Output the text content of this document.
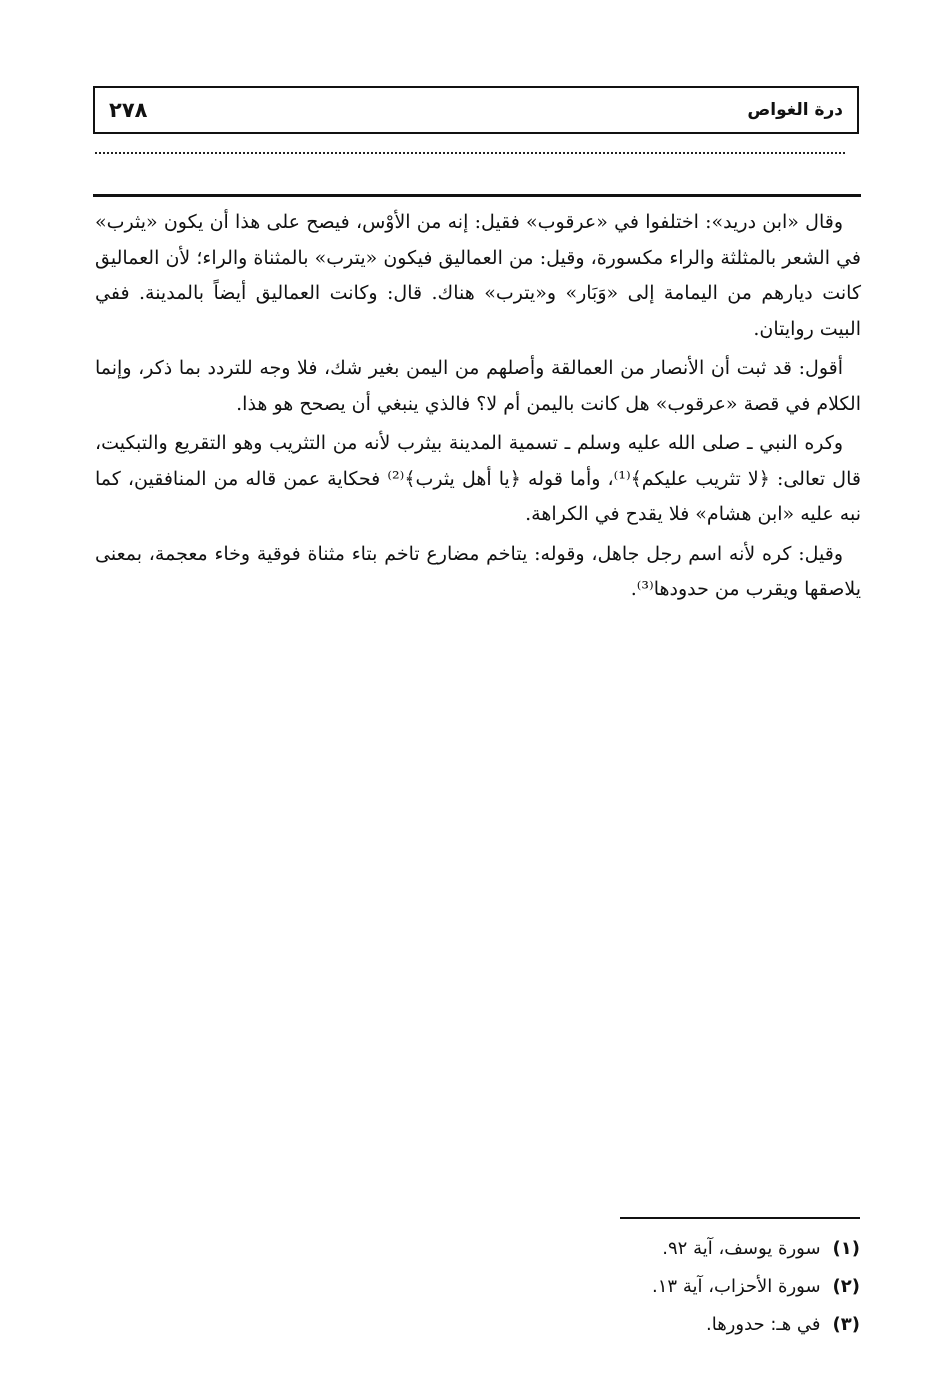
٢٧٨	درة الغواص

وقال «ابن دريد»: اختلفوا في «عرقوب» فقيل: إنه من الأوْس، فيصح على هذا أن يكون «يثرب» في الشعر بالمثلثة والراء مكسورة، وقيل: من العماليق فيكون «يترب» بالمثناة والراء؛ لأن العماليق كانت ديارهم من اليمامة إلى «وَبَار» و«يترب» هناك. قال: وكانت العماليق أيضاً بالمدينة. ففي البيت روايتان.

أقول: قد ثبت أن الأنصار من العمالقة وأصلهم من اليمن بغير شك، فلا وجه للتردد بما ذكر، وإنما الكلام في قصة «عرقوب» هل كانت باليمن أم لا؟ فالذي ينبغي أن يصحح هو هذا.

وكره النبي ـ صلى الله عليه وسلم ـ تسمية المدينة بيثرب لأنه من التثريب وهو التقريع والتبكيت، قال تعالى: ﴿لا تثريب عليكم﴾⁽¹⁾، وأما قوله ﴿يا أهل يثرب﴾⁽²⁾ فحكاية عمن قاله من المنافقين، كما نبه عليه «ابن هشام» فلا يقدح في الكراهة.

وقيل: كره لأنه اسم رجل جاهل، وقوله: يتاخم مضارع تاخم بتاء مثناة فوقية وخاء معجمة، بمعنى يلاصقها ويقرب من حدودها⁽³⁾.

(١)
سورة يوسف، آية ٩٢.
(٢)
سورة الأحزاب، آية ١٣.
(٣)
في هـ: حدورها.
